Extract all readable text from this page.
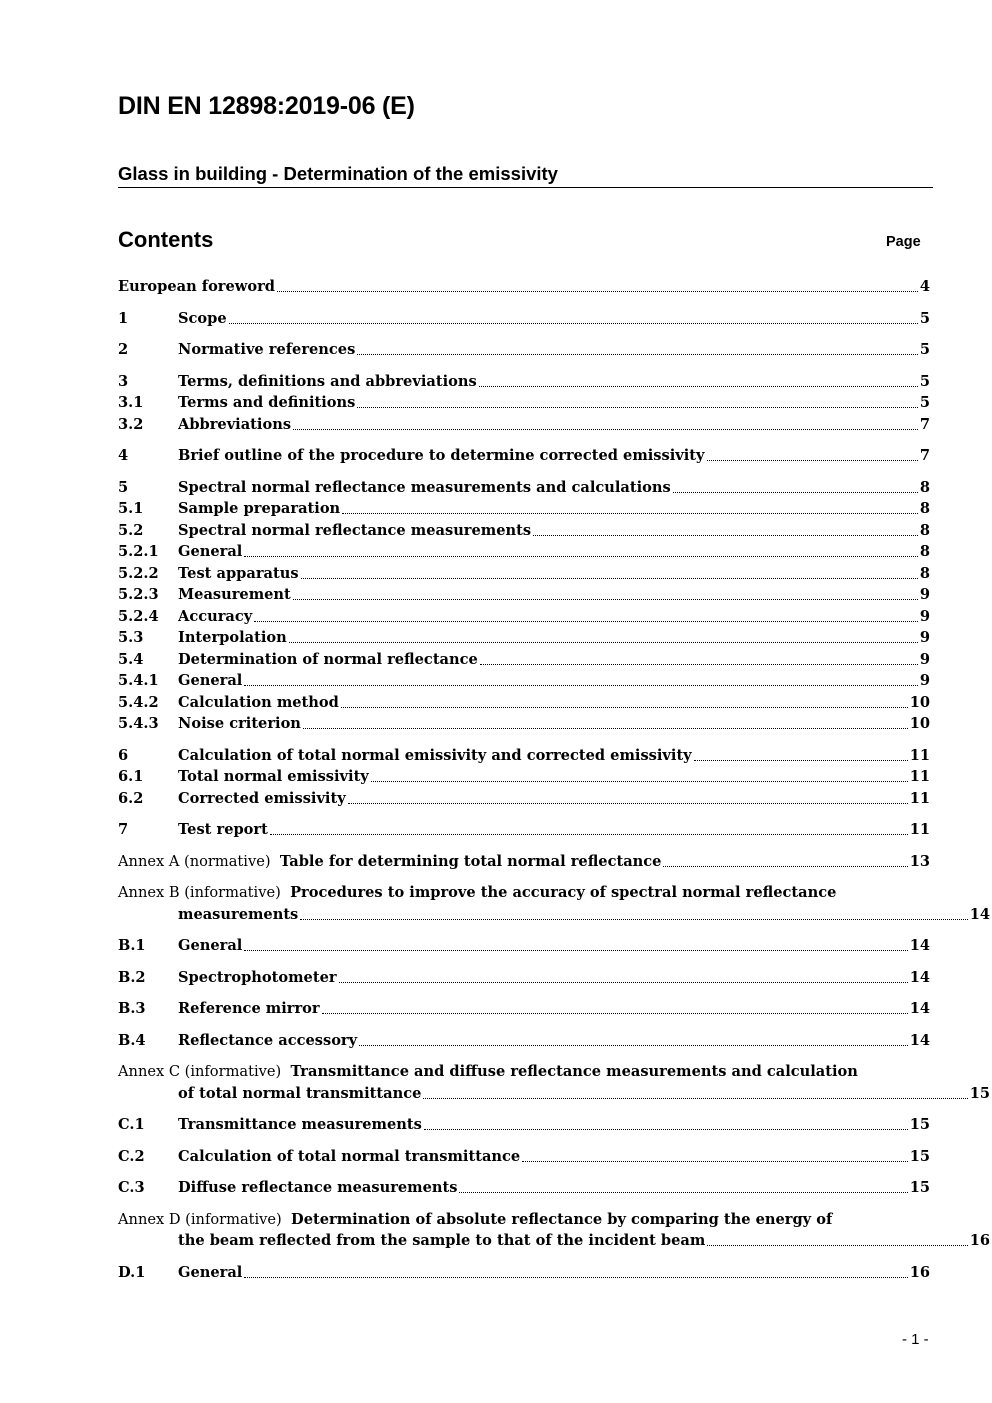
DIN EN 12898:2019-06 (E)
Glass in building - Determination of the emissivity
Contents	Page
European foreword	4
1	Scope	5
2	Normative references	5
3	Terms, definitions and abbreviations	5
3.1	Terms and definitions	5
3.2	Abbreviations	7
4	Brief outline of the procedure to determine corrected emissivity	7
5	Spectral normal reflectance measurements and calculations	8
5.1	Sample preparation	8
5.2	Spectral normal reflectance measurements	8
5.2.1	General	8
5.2.2	Test apparatus	8
5.2.3	Measurement	9
5.2.4	Accuracy	9
5.3	Interpolation	9
5.4	Determination of normal reflectance	9
5.4.1	General	9
5.4.2	Calculation method	10
5.4.3	Noise criterion	10
6	Calculation of total normal emissivity and corrected emissivity	11
6.1	Total normal emissivity	11
6.2	Corrected emissivity	11
7	Test report	11
Annex A (normative)
Table for determining total normal reflectance	13
Annex B (informative) Procedures to improve the accuracy of spectral normal reflectance
measurements	14
B.1	General	14
B.2	Spectrophotometer	14
B.3	Reference mirror	14
B.4	Reflectance accessory	14
Annex C (informative) Transmittance and diffuse reflectance measurements and calculation
of total normal transmittance	15
C.1	Transmittance measurements	15
C.2	Calculation of total normal transmittance	15
C.3	Diffuse reflectance measurements	15
Annex D (informative) Determination of absolute reflectance by comparing the energy of
the beam reflected from the sample to that of the incident beam	16
D.1	General	16
- 1 -
